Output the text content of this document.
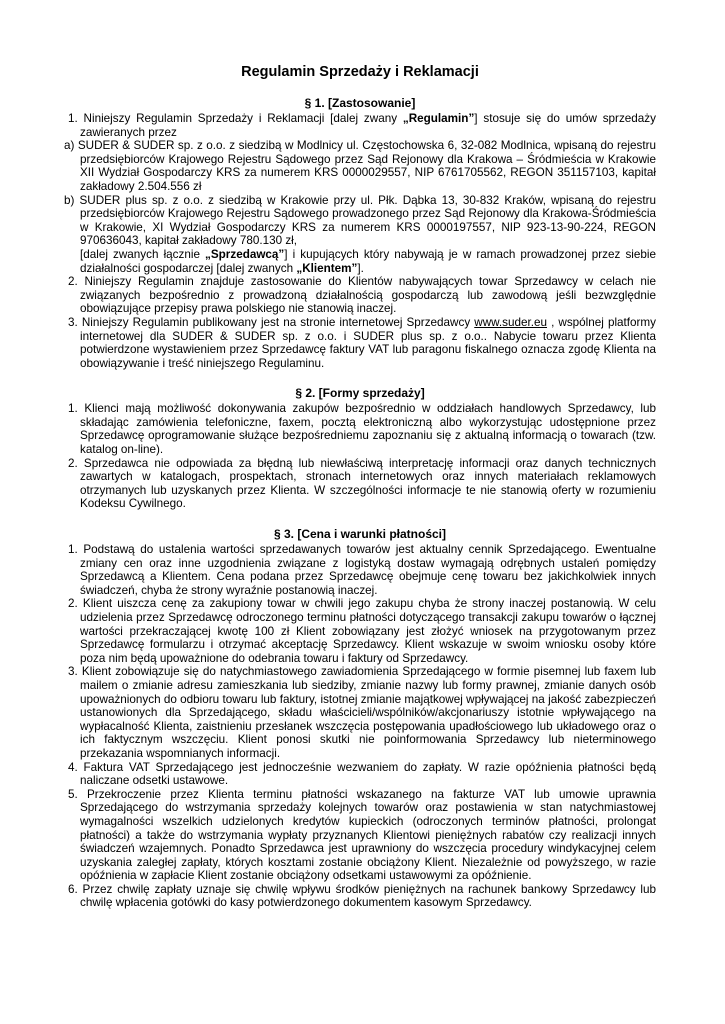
Regulamin Sprzedaży i Reklamacji
§ 1. [Zastosowanie]

1. Niniejszy Regulamin Sprzedaży i Reklamacji [dalej zwany „Regulamin”] stosuje się do umów sprzedaży zawieranych przez

a) SUDER & SUDER sp. z o.o. z siedzibą w Modlnicy ul. Częstochowska 6, 32-082 Modlnica, wpisaną do rejestru przedsiębiorców Krajowego Rejestru Sądowego przez Sąd Rejonowy dla Krakowa – Śródmieścia w Krakowie XII Wydział Gospodarczy KRS za numerem KRS 0000029557, NIP 6761705562, REGON 351157103, kapitał zakładowy 2.504.556 zł

b) SUDER plus sp. z o.o. z siedzibą w Krakowie przy ul. Płk. Dąbka 13, 30-832 Kraków, wpisaną do rejestru przedsiębiorców Krajowego Rejestru Sądowego prowadzonego przez Sąd Rejonowy dla Krakowa-Śródmieścia w Krakowie, XI Wydział Gospodarczy KRS za numerem KRS 0000197557, NIP 923-13-90-224, REGON 970636043, kapitał zakładowy 780.130 zł,

[dalej zwanych łącznie „Sprzedawcą”] i kupujących który nabywają je w ramach prowadzonej przez siebie działalności gospodarczej [dalej zwanych „Klientem”].

2. Niniejszy Regulamin znajduje zastosowanie do Klientów nabywających towar Sprzedawcy w celach nie związanych bezpośrednio z prowadzoną działalnością gospodarczą lub zawodową jeśli bezwzględnie obowiązujące przepisy prawa polskiego nie stanowią inaczej.

3. Niniejszy Regulamin publikowany jest na stronie internetowej Sprzedawcy www.suder.eu , wspólnej platformy internetowej dla SUDER & SUDER sp. z o.o. i SUDER plus sp. z o.o.. Nabycie towaru przez Klienta potwierdzone wystawieniem przez Sprzedawcę faktury VAT lub paragonu fiskalnego oznacza zgodę Klienta na obowiązywanie i treść niniejszego Regulaminu.

§ 2. [Formy sprzedaży]

1. Klienci mają możliwość dokonywania zakupów bezpośrednio w oddziałach handlowych Sprzedawcy, lub składając zamówienia telefoniczne, faxem, pocztą elektroniczną albo wykorzystując udostępnione przez Sprzedawcę oprogramowanie służące bezpośredniemu zapoznaniu się z aktualną informacją o towarach (tzw. katalog on-line).

2. Sprzedawca nie odpowiada za błędną lub niewłaściwą interpretację informacji oraz danych technicznych zawartych w katalogach, prospektach, stronach internetowych oraz innych materiałach reklamowych otrzymanych lub uzyskanych przez Klienta. W szczególności informacje te nie stanowią oferty w rozumieniu Kodeksu Cywilnego.

§ 3. [Cena i warunki płatności]

1. Podstawą do ustalenia wartości sprzedawanych towarów jest aktualny cennik Sprzedającego. Ewentualne zmiany cen oraz inne uzgodnienia związane z logistyką dostaw wymagają odrębnych ustaleń pomiędzy Sprzedawcą a Klientem. Cena podana przez Sprzedawcę obejmuje cenę towaru bez jakichkolwiek innych świadczeń, chyba że strony wyraźnie postanowią inaczej.

2. Klient uiszcza cenę za zakupiony towar w chwili jego zakupu chyba że strony inaczej postanowią. W celu udzielenia przez Sprzedawcę odroczonego terminu płatności dotyczącego transakcji zakupu towarów o łącznej wartości przekraczającej kwotę 100 zł Klient zobowiązany jest złożyć wniosek na przygotowanym przez Sprzedawcę formularzu i otrzymać akceptację Sprzedawcy. Klient wskazuje w swoim wniosku osoby które poza nim będą upoważnione do odebrania towaru i faktury od Sprzedawcy.

3. Klient zobowiązuje się do natychmiastowego zawiadomienia Sprzedającego w formie pisemnej lub faxem lub mailem o zmianie adresu zamieszkania lub siedziby, zmianie nazwy lub formy prawnej, zmianie danych osób upoważnionych do odbioru towaru lub faktury, istotnej zmianie majątkowej wpływającej na jakość zabezpieczeń ustanowionych dla Sprzedającego, składu właścicieli/wspólników/akcjonariuszy istotnie wpływającego na wypłacalność Klienta, zaistnieniu przesłanek wszczęcia postępowania upadłościowego lub układowego oraz o ich faktycznym wszczęciu. Klient ponosi skutki nie poinformowania Sprzedawcy lub nieterminowego przekazania wspomnianych informacji.

4. Faktura VAT Sprzedającego jest jednocześnie wezwaniem do zapłaty. W razie opóźnienia płatności będą naliczane odsetki ustawowe.

5. Przekroczenie przez Klienta terminu płatności wskazanego na fakturze VAT lub umowie uprawnia Sprzedającego do wstrzymania sprzedaży kolejnych towarów oraz postawienia w stan natychmiastowej wymagalności wszelkich udzielonych kredytów kupieckich (odroczonych terminów płatności, prolongat płatności) a także do wstrzymania wypłaty przyznanych Klientowi pieniężnych rabatów czy realizacji innych świadczeń wzajemnych. Ponadto Sprzedawca jest uprawniony do wszczęcia procedury windykacyjnej celem uzyskania zaległej zapłaty, których kosztami zostanie obciążony Klient. Niezależnie od powyższego, w razie opóźnienia w zapłacie Klient zostanie obciążony odsetkami ustawowymi za opóźnienie.

6. Przez chwilę zapłaty uznaje się chwilę wpływu środków pieniężnych na rachunek bankowy Sprzedawcy lub chwilę wpłacenia gotówki do kasy potwierdzonego dokumentem kasowym Sprzedawcy.
